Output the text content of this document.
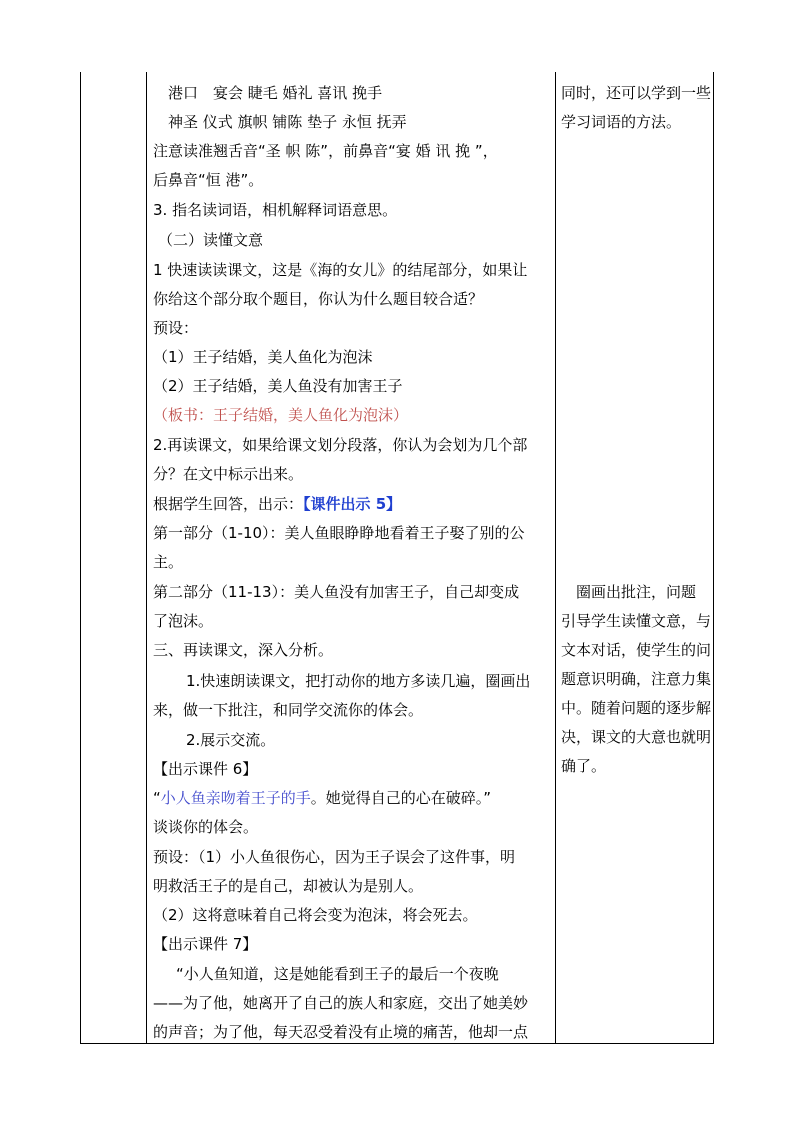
港口　宴会 睫毛 婚礼 喜讯 挽手
神圣 仪式 旗帜 铺陈 垫子 永恒 抚弄
注意读准翘舌音“圣 帜 陈”，前鼻音“宴 婚 讯 挽 ”，
后鼻音“恒 港”。
3. 指名读词语，相机解释词语意思。
（二）读懂文意
1 快速读读课文，这是《海的女儿》的结尾部分，如果让
你给这个部分取个题目，你认为什么题目较合适？
预设：
（1）王子结婚，美人鱼化为泡沫
（2）王子结婚，美人鱼没有加害王子
（板书：王子结婚，美人鱼化为泡沫）
2.再读课文，如果给课文划分段落，你认为会划为几个部
分？在文中标示出来。
根据学生回答，出示：【课件出示 5】
第一部分（1-10）：美人鱼眼睁睁地看着王子娶了别的公
主。
第二部分（11-13）：美人鱼没有加害王子，自己却变成
了泡沫。
三、再读课文，深入分析。
1.快速朗读课文，把打动你的地方多读几遍，圈画出
来，做一下批注，和同学交流你的体会。
2.展示交流。
【出示课件 6】
“小人鱼亲吻着王子的手。她觉得自己的心在破碎。”
谈谈你的体会。
预设：（1）小人鱼很伤心，因为王子误会了这件事，明
明救活王子的是自己，却被认为是别人。
（2）这将意味着自己将会变为泡沫，将会死去。
【出示课件 7】
“小人鱼知道，这是她能看到王子的最后一个夜晚
——为了他，她离开了自己的族人和家庭，交出了她美妙
的声音；为了他，每天忍受着没有止境的痛苦，他却一点
同时，还可以学到一些
学习词语的方法。
　圈画出批注，问题
引导学生读懂文意，与
文本对话，使学生的问
题意识明确，注意力集
中。随着问题的逐步解
决，课文的大意也就明
确了。
